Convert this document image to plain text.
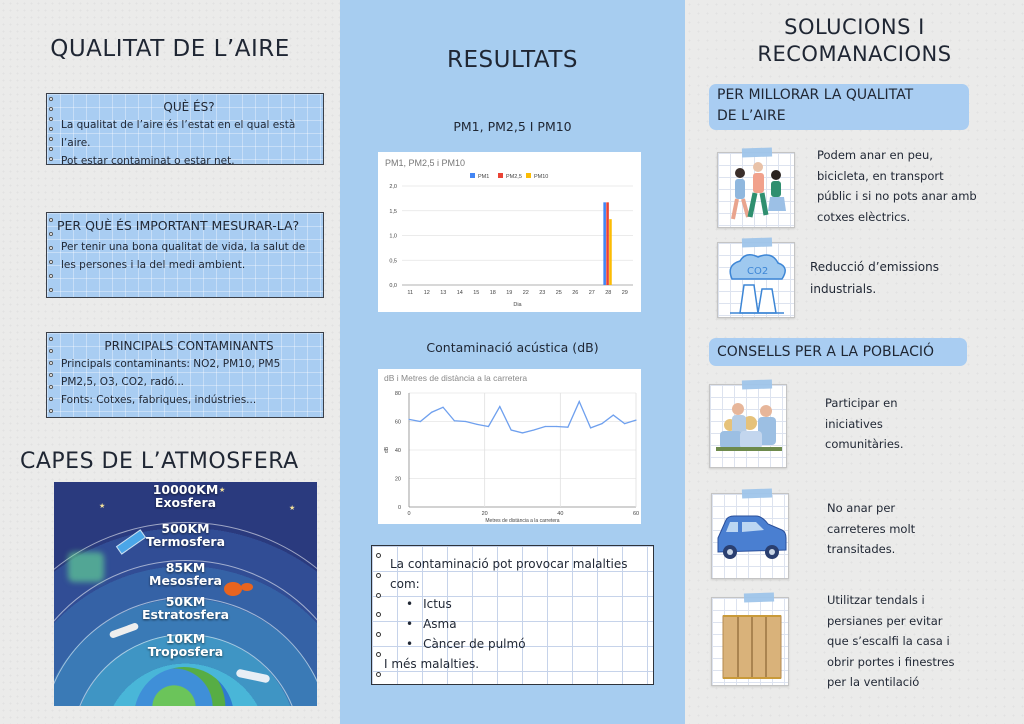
QUALITAT DE L’AIRE
QUÈ ÉS?
La qualitat de l’aire és l’estat en el qual està
l’aire.
Pot estar contaminat o estar net.
PER QUÈ ÉS IMPORTANT MESURAR-LA?
Per tenir una bona qualitat de vida, la salut de
les persones i la del medi ambient.
PRINCIPALS CONTAMINANTS
Principals contaminants: NO2, PM10, PM5
PM2,5, O3, CO2, radó...
Fonts: Cotxes, fabriques, indústries...
CAPES DE L’ATMOSFERA
★	★
★
10000KM
Exosfera
500KM
Termosfera
85KM
Mesosfera
50KM
Estratosfera
10KM
Troposfera
RESULTATS
PM1, PM2,5 I PM10
PM1, PM2,5 i PM10
PM1	PM2,5 PM10
0,0
0,5
1,0
1,5
2,0
11 12 13 14 15 18 19 22 23 25 26 27 28 29
Dia
Contaminació acústica (dB)
dB i Metres de distància a la carretera
0
20
40
60
80
0	20	40	60
dB
Metres de distància a la carretera
La contaminació pot provocar malalties com:
• Ictus
• Asma
• Càncer de pulmó
I més malalties.
SOLUCIONS I
RECOMANACIONS
PER MILLORAR LA QUALITAT
DE L’AIRE
Podem anar en peu,
bicicleta, en transport
públic i si no pots anar amb
cotxes elèctrics.
CO2	Reducció d’emissions
industrials.
CONSELLS PER A LA POBLACIÓ
Participar en
iniciatives
comunitàries.
No anar per
carreteres molt
transitades.
Utilitzar tendals i
persianes per evitar
que s’escalfi la casa i
obrir portes i finestres
per la ventilació
